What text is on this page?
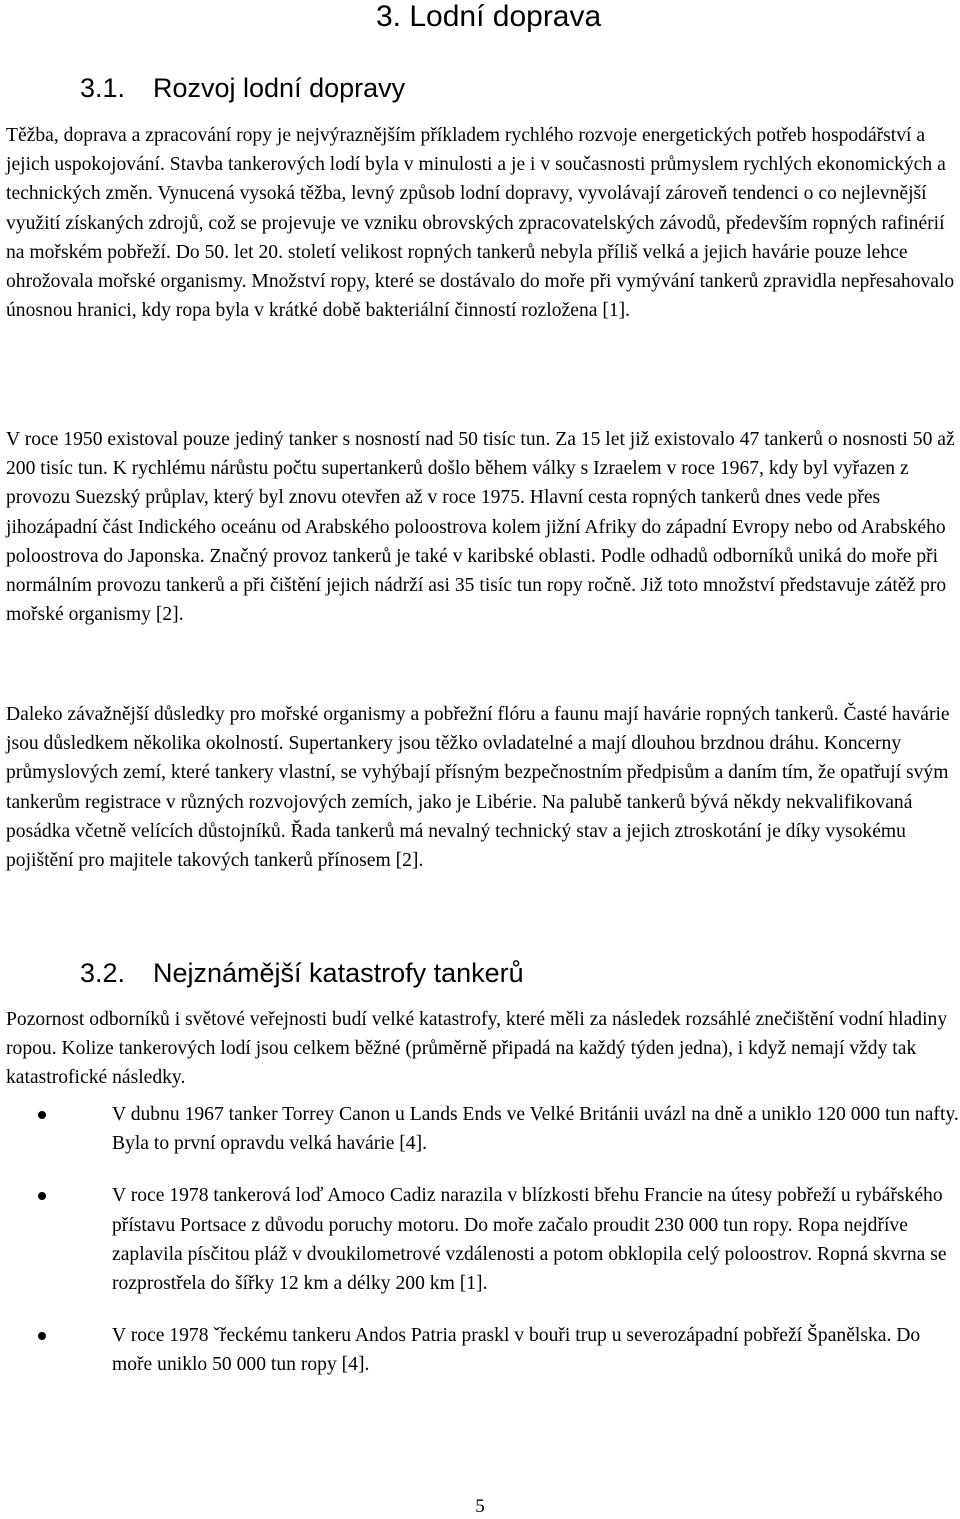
3. Lodní doprava
3.1. Rozvoj lodní dopravy

Těžba, doprava a zpracování ropy je nejvýraznějším příkladem rychlého rozvoje energetických potřeb hospodářství a jejich uspokojování. Stavba tankerových lodí byla v minulosti a je i v současnosti průmyslem rychlých ekonomických a technických změn. Vynucená vysoká těžba, levný způsob lodní dopravy, vyvolávají zároveň tendenci o co nejlevnější využití získaných zdrojů, což se projevuje ve vzniku obrovských zpracovatelských závodů, především ropných rafinérií na mořském pobřeží. Do 50. let 20. století velikost ropných tankerů nebyla příliš velká a jejich havárie pouze lehce ohrožovala mořské organismy. Množství ropy, které se dostávalo do moře při vymývání tankerů zpravidla nepřesahovalo únosnou hranici, kdy ropa byla v krátké době bakteriální činností rozložena [1].

V roce 1950 existoval pouze jediný tanker s nosností nad 50 tisíc tun. Za 15 let již existovalo 47 tankerů o nosnosti 50 až 200 tisíc tun. K rychlému nárůstu počtu supertankerů došlo během války s Izraelem v roce 1967, kdy byl vyřazen z provozu Suezský průplav, který byl znovu otevřen až v roce 1975. Hlavní cesta ropných tankerů dnes vede přes jihozápadní část Indického oceánu od Arabského poloostrova kolem jižní Afriky do západní Evropy nebo od Arabského poloostrova do Japonska. Značný provoz tankerů je také v karibské oblasti. Podle odhadů odborníků uniká do moře při normálním provozu tankerů a při čištění jejich nádrží asi 35 tisíc tun ropy ročně. Již toto množství představuje zátěž pro mořské organismy [2].

Daleko závažnější důsledky pro mořské organismy a pobřežní flóru a faunu mají havárie ropných tankerů. Časté havárie jsou důsledkem několika okolností. Supertankery jsou těžko ovladatelné a mají dlouhou brzdnou dráhu. Koncerny průmyslových zemí, které tankery vlastní, se vyhýbají přísným bezpečnostním předpisům a daním tím, že opatřují svým tankerům registrace v různých rozvojových zemích, jako je Libérie. Na palubě tankerů bývá někdy nekvalifikovaná posádka včetně velících důstojníků. Řada tankerů má nevalný technický stav a jejich ztroskotání je díky vysokému pojištění pro majitele takových tankerů přínosem [2].

3.2. Nejznámější katastrofy tankerů

Pozornost odborníků i světové veřejnosti budí velké katastrofy, které měli za následek rozsáhlé znečištění vodní hladiny ropou. Kolize tankerových lodí jsou celkem běžné (průměrně připadá na každý týden jedna), i když nemají vždy tak katastrofické následky.

V dubnu 1967 tanker Torrey Canon u Lands Ends ve Velké Británii uvázl na dně a uniklo 120 000 tun nafty. Byla to první opravdu velká havárie [4].
V roce 1978 tankerová loď Amoco Cadiz narazila v blízkosti břehu Francie na útesy pobřeží u rybářského přístavu Portsace z důvodu poruchy motoru. Do moře začalo proudit 230 000 tun ropy. Ropa nejdříve zaplavila písčitou pláž v dvoukilometrové vzdálenosti a potom obklopila celý poloostrov. Ropná skvrna se rozprostřela do šířky 12 km a délky 200 km [1].
V roce 1978 ˇřeckému tankeru Andos Patria praskl v bouři trup u severozápadní pobřeží Španělska. Do moře uniklo 50 000 tun ropy [4].
5
